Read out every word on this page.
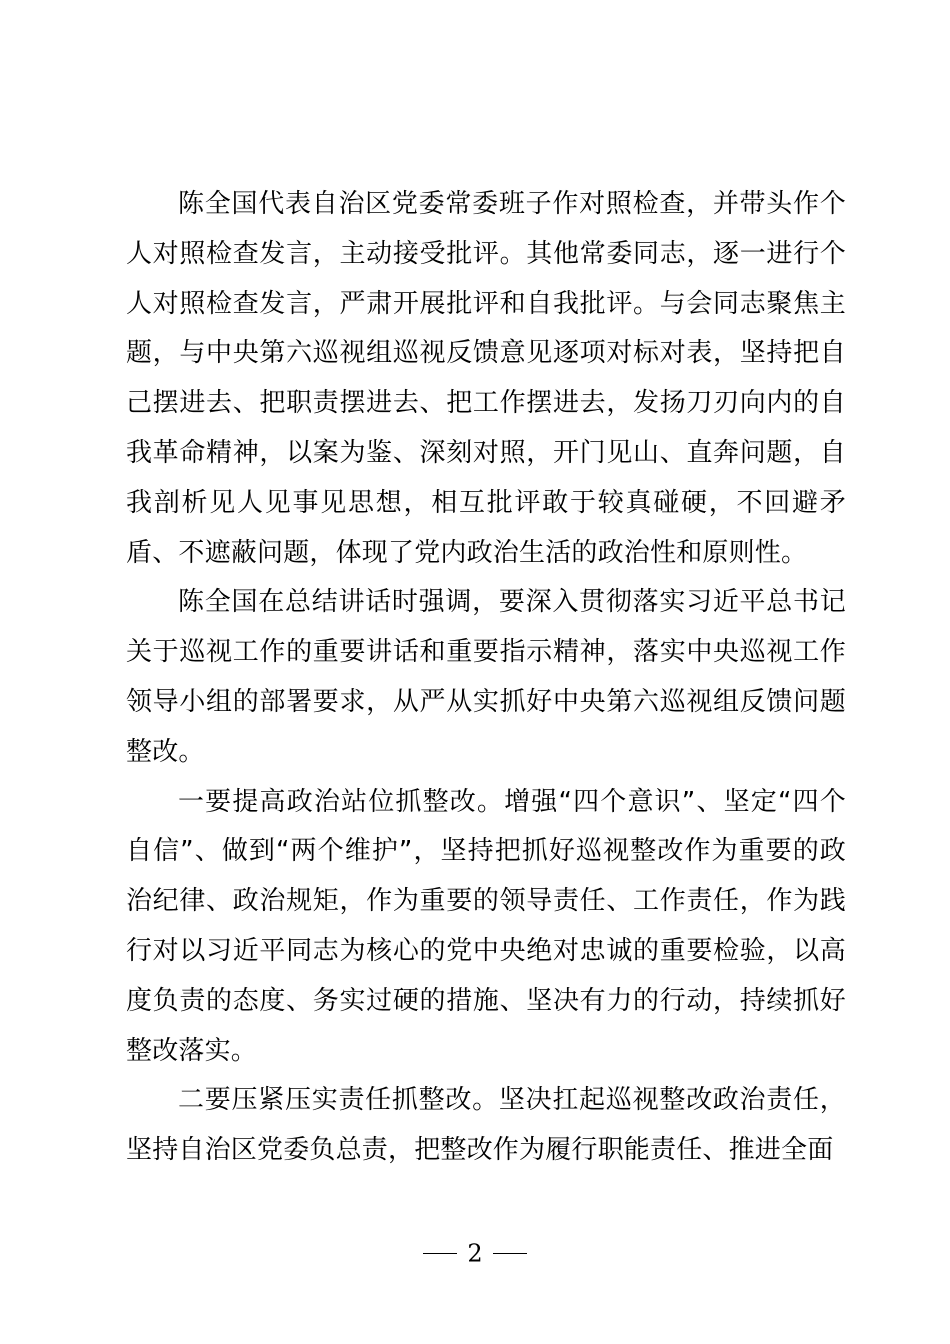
陈全国代表自治区党委常委班子作对照检查，并带头作个人对照检查发言，主动接受批评。其他常委同志，逐一进行个人对照检查发言，严肃开展批评和自我批评。与会同志聚焦主题，与中央第六巡视组巡视反馈意见逐项对标对表，坚持把自己摆进去、把职责摆进去、把工作摆进去，发扬刀刃向内的自我革命精神，以案为鉴、深刻对照，开门见山、直奔问题，自我剖析见人见事见思想，相互批评敢于较真碰硬，不回避矛盾、不遮蔽问题，体现了党内政治生活的政治性和原则性。

陈全国在总结讲话时强调，要深入贯彻落实习近平总书记关于巡视工作的重要讲话和重要指示精神，落实中央巡视工作领导小组的部署要求，从严从实抓好中央第六巡视组反馈问题整改。

一要提高政治站位抓整改。增强“四个意识”、坚定“四个自信”、做到“两个维护”，坚持把抓好巡视整改作为重要的政治纪律、政治规矩，作为重要的领导责任、工作责任，作为践行对以习近平同志为核心的党中央绝对忠诚的重要检验，以高度负责的态度、务实过硬的措施、坚决有力的行动，持续抓好整改落实。

二要压紧压实责任抓整改。坚决扛起巡视整改政治责任，坚持自治区党委负总责，把整改作为履行职能责任、推进全面

2
